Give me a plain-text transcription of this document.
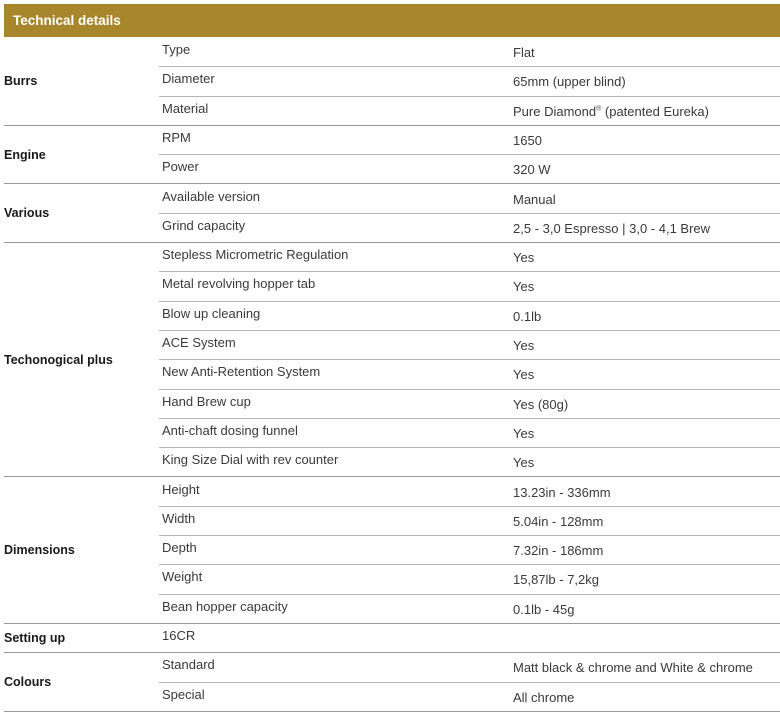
Technical details
Burrs
Type	Flat
Diameter	65mm (upper blind)
Material	Pure Diamond® (patented Eureka)
Engine
RPM	1650
Power	320 W
Various
Available version	Manual
Grind capacity	2,5 - 3,0 Espresso | 3,0 - 4,1 Brew
Techonogical plus
Stepless Micrometric Regulation	Yes
Metal revolving hopper tab	Yes
Blow up cleaning	0.1lb
ACE System	Yes
New Anti-Retention System	Yes
Hand Brew cup	Yes (80g)
Anti-chaft dosing funnel	Yes
King Size Dial with rev counter	Yes
Dimensions
Height	13.23in - 336mm
Width	5.04in - 128mm
Depth	7.32in - 186mm
Weight	15,87lb - 7,2kg
Bean hopper capacity	0.1lb - 45g
Setting up	16CR
Colours
Standard	Matt black & chrome and White & chrome
Special	All chrome
